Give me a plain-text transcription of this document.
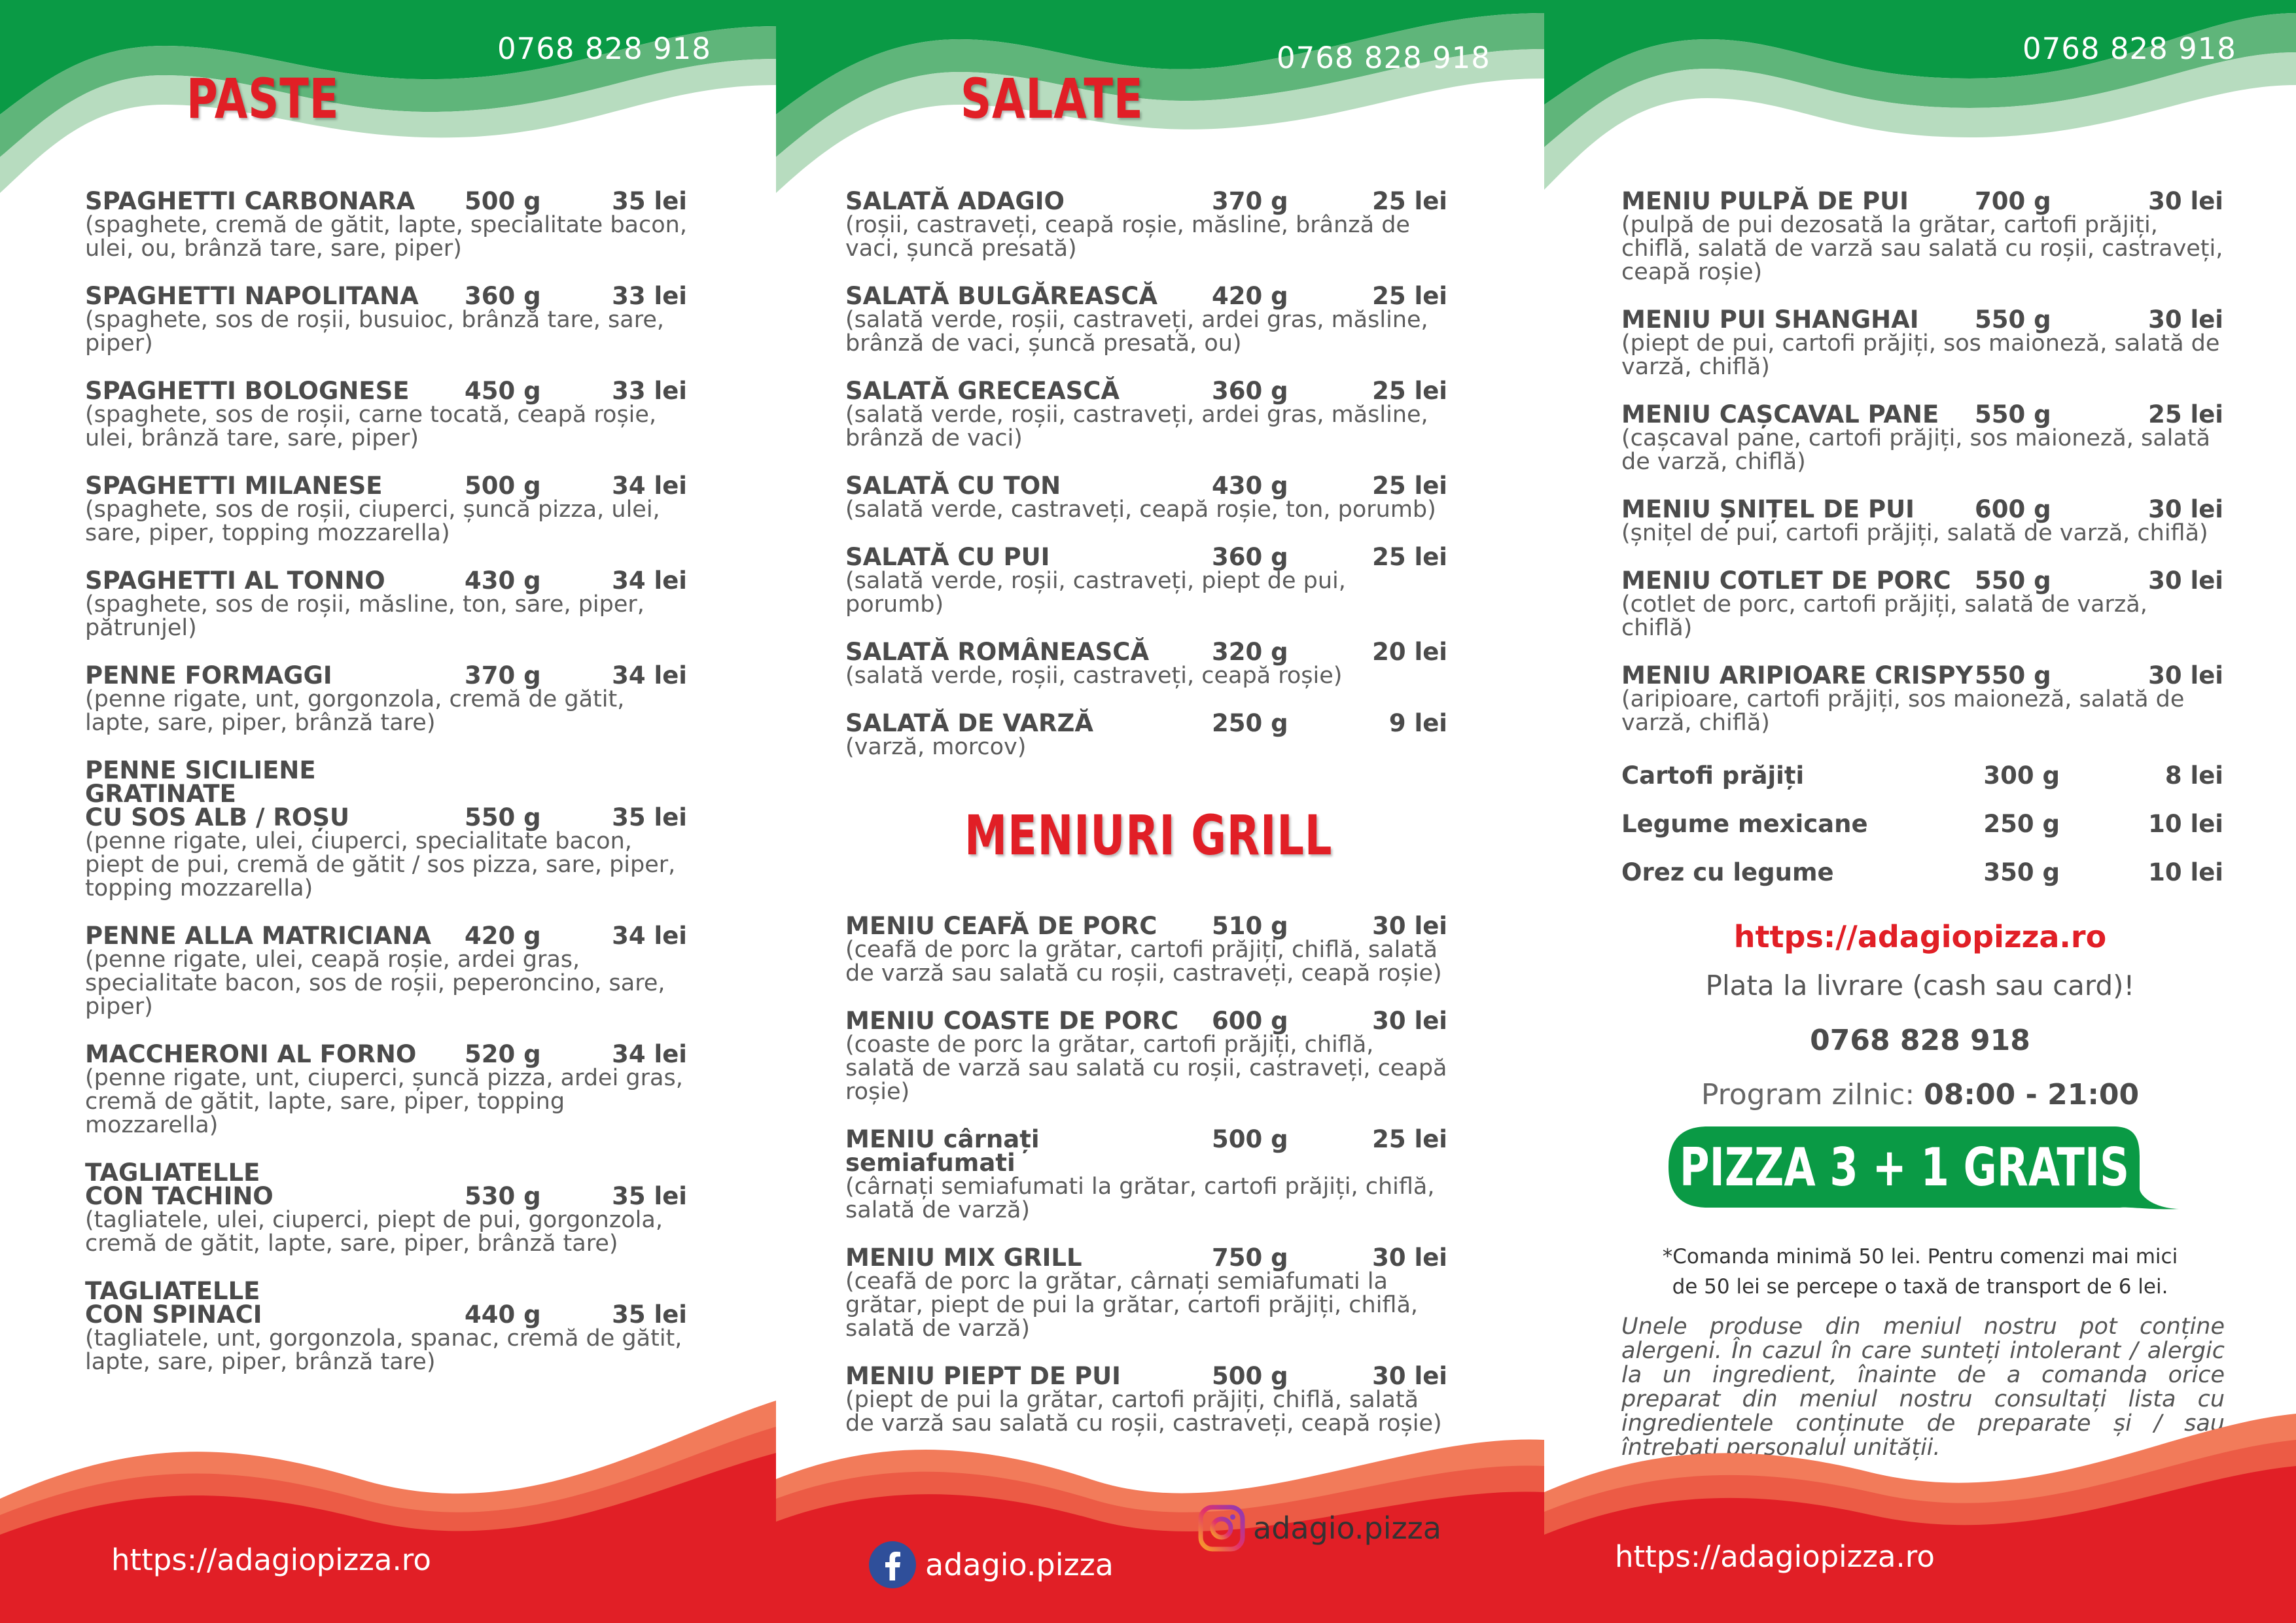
0768 828 918
PASTE
SPAGHETTI CARBONARA	500 g	35 lei
(spaghete, cremă de gătit, lapte, specialitate bacon, ulei, ou, brânză tare, sare, piper)
SPAGHETTI NAPOLITANA	360 g	33 lei
(spaghete, sos de roșii, busuioc, brânză tare, sare, piper)
SPAGHETTI BOLOGNESE	450 g	33 lei
(spaghete, sos de roșii, carne tocată, ceapă roșie, ulei, brânză tare, sare, piper)
SPAGHETTI MILANESE	500 g	34 lei
(spaghete, sos de roșii, ciuperci, șuncă pizza, ulei, sare, piper, topping mozzarella)
SPAGHETTI AL TONNO	430 g	34 lei
(spaghete, sos de roșii, măsline, ton, sare, piper, pătrunjel)
PENNE FORMAGGI	370 g	34 lei
(penne rigate, unt, gorgonzola, cremă de gătit, lapte, sare, piper, brânză tare)
PENNE SICILIENE
GRATINATE
CU SOS ALB / ROȘU	550 g	35 lei
(penne rigate, ulei, ciuperci, specialitate bacon, piept de pui, cremă de gătit / sos pizza, sare, piper, topping mozzarella)
PENNE ALLA MATRICIANA	420 g	34 lei
(penne rigate, ulei, ceapă roșie, ardei gras, specialitate bacon, sos de roșii, peperoncino, sare, piper)
MACCHERONI AL FORNO	520 g	34 lei
(penne rigate, unt, ciuperci, șuncă pizza, ardei gras, cremă de gătit, lapte, sare, piper, topping mozzarella)
TAGLIATELLE
CON TACHINO	530 g	35 lei
(tagliatele, ulei, ciuperci, piept de pui, gorgonzola, cremă de gătit, lapte, sare, piper, brânză tare)
TAGLIATELLE
CON SPINACI	440 g	35 lei
(tagliatele, unt, gorgonzola, spanac, cremă de gătit, lapte, sare, piper, brânză tare)
https://adagiopizza.ro
0768 828 918
SALATE
SALATĂ ADAGIO	370 g	25 lei
(roșii, castraveți, ceapă roșie, măsline, brânză de vaci, șuncă presată)
SALATĂ BULGĂREASCĂ	420 g	25 lei
(salată verde, roșii, castraveți, ardei gras, măsline, brânză de vaci, șuncă presată, ou)
SALATĂ GRECEASCĂ	360 g	25 lei
(salată verde, roșii, castraveți, ardei gras, măsline, brânză de vaci)
SALATĂ CU TON	430 g	25 lei
(salată verde, castraveți, ceapă roșie, ton, porumb)
SALATĂ CU PUI	360 g	25 lei
(salată verde, roșii, castraveți, piept de pui, porumb)
SALATĂ ROMÂNEASCĂ	320 g	20 lei
(salată verde, roșii, castraveți, ceapă roșie)
SALATĂ DE VARZĂ	250 g	9 lei
(varză, morcov)
MENIURI GRILL
MENIU CEAFĂ DE PORC	510 g	30 lei
(ceafă de porc la grătar, cartofi prăjiți, chiflă, salată de varză sau salată cu roșii, castraveți, ceapă roșie)
MENIU COASTE DE PORC	600 g	30 lei
(coaste de porc la grătar, cartofi prăjiți, chiflă, salată de varză sau salată cu roșii, castraveți, ceapă roșie)
MENIU cârnați semiafumati
500 g	25 lei
(cârnați semiafumati la grătar, cartofi prăjiți, chiflă, salată de varză)
MENIU MIX GRILL	750 g	30 lei
(ceafă de porc la grătar, cârnați semiafumati la grătar, piept de pui la grătar, cartofi prăjiți, chiflă, salată de varză)
MENIU PIEPT DE PUI	500 g	30 lei
(piept de pui la grătar, cartofi prăjiți, chiflă, salată de varză sau salată cu roșii, castraveți, ceapă roșie)
adagio.pizza
adagio.pizza
0768 828 918
MENIU PULPĂ DE PUI	700 g	30 lei
(pulpă de pui dezosată la grătar, cartofi prăjiți, chiflă, salată de varză sau salată cu roșii, castraveți, ceapă roșie)
MENIU PUI SHANGHAI	550 g	30 lei
(piept de pui, cartofi prăjiți, sos maioneză, salată de varză, chiflă)
MENIU CAȘCAVAL PANE	550 g	25 lei
(cașcaval pane, cartofi prăjiți, sos maioneză, salată de varză, chiflă)
MENIU ȘNIȚEL DE PUI	600 g	30 lei
(șnițel de pui, cartofi prăjiți, salată de varză, chiflă)
MENIU COTLET DE PORC 550 g	30 lei
(cotlet de porc, cartofi prăjiți, salată de varză, chiflă)
MENIU ARIPIOARE CRISPY 550 g	30 lei
(aripioare, cartofi prăjiți, sos maioneză, salată de varză, chiflă)
Cartofi prăjiți	300 g	8 lei
Legume mexicane	250 g	10 lei
Orez cu legume	350 g	10 lei
https://adagiopizza.ro
Plata la livrare (cash sau card)!
0768 828 918
Program zilnic: 08:00 - 21:00
PIZZA 3 + 1 GRATIS
*Comanda minimă 50 lei. Pentru comenzi mai mici
de 50 lei se percepe o taxă de transport de 6 lei.
Unele produse din meniul nostru pot conține alergeni. În cazul în care sunteți intolerant / alergic la un ingredient, înainte de a comanda orice preparat din meniul nostru consultați lista cu ingredientele conținute de preparate și / sau întrebați personalul unității.
https://adagiopizza.ro
